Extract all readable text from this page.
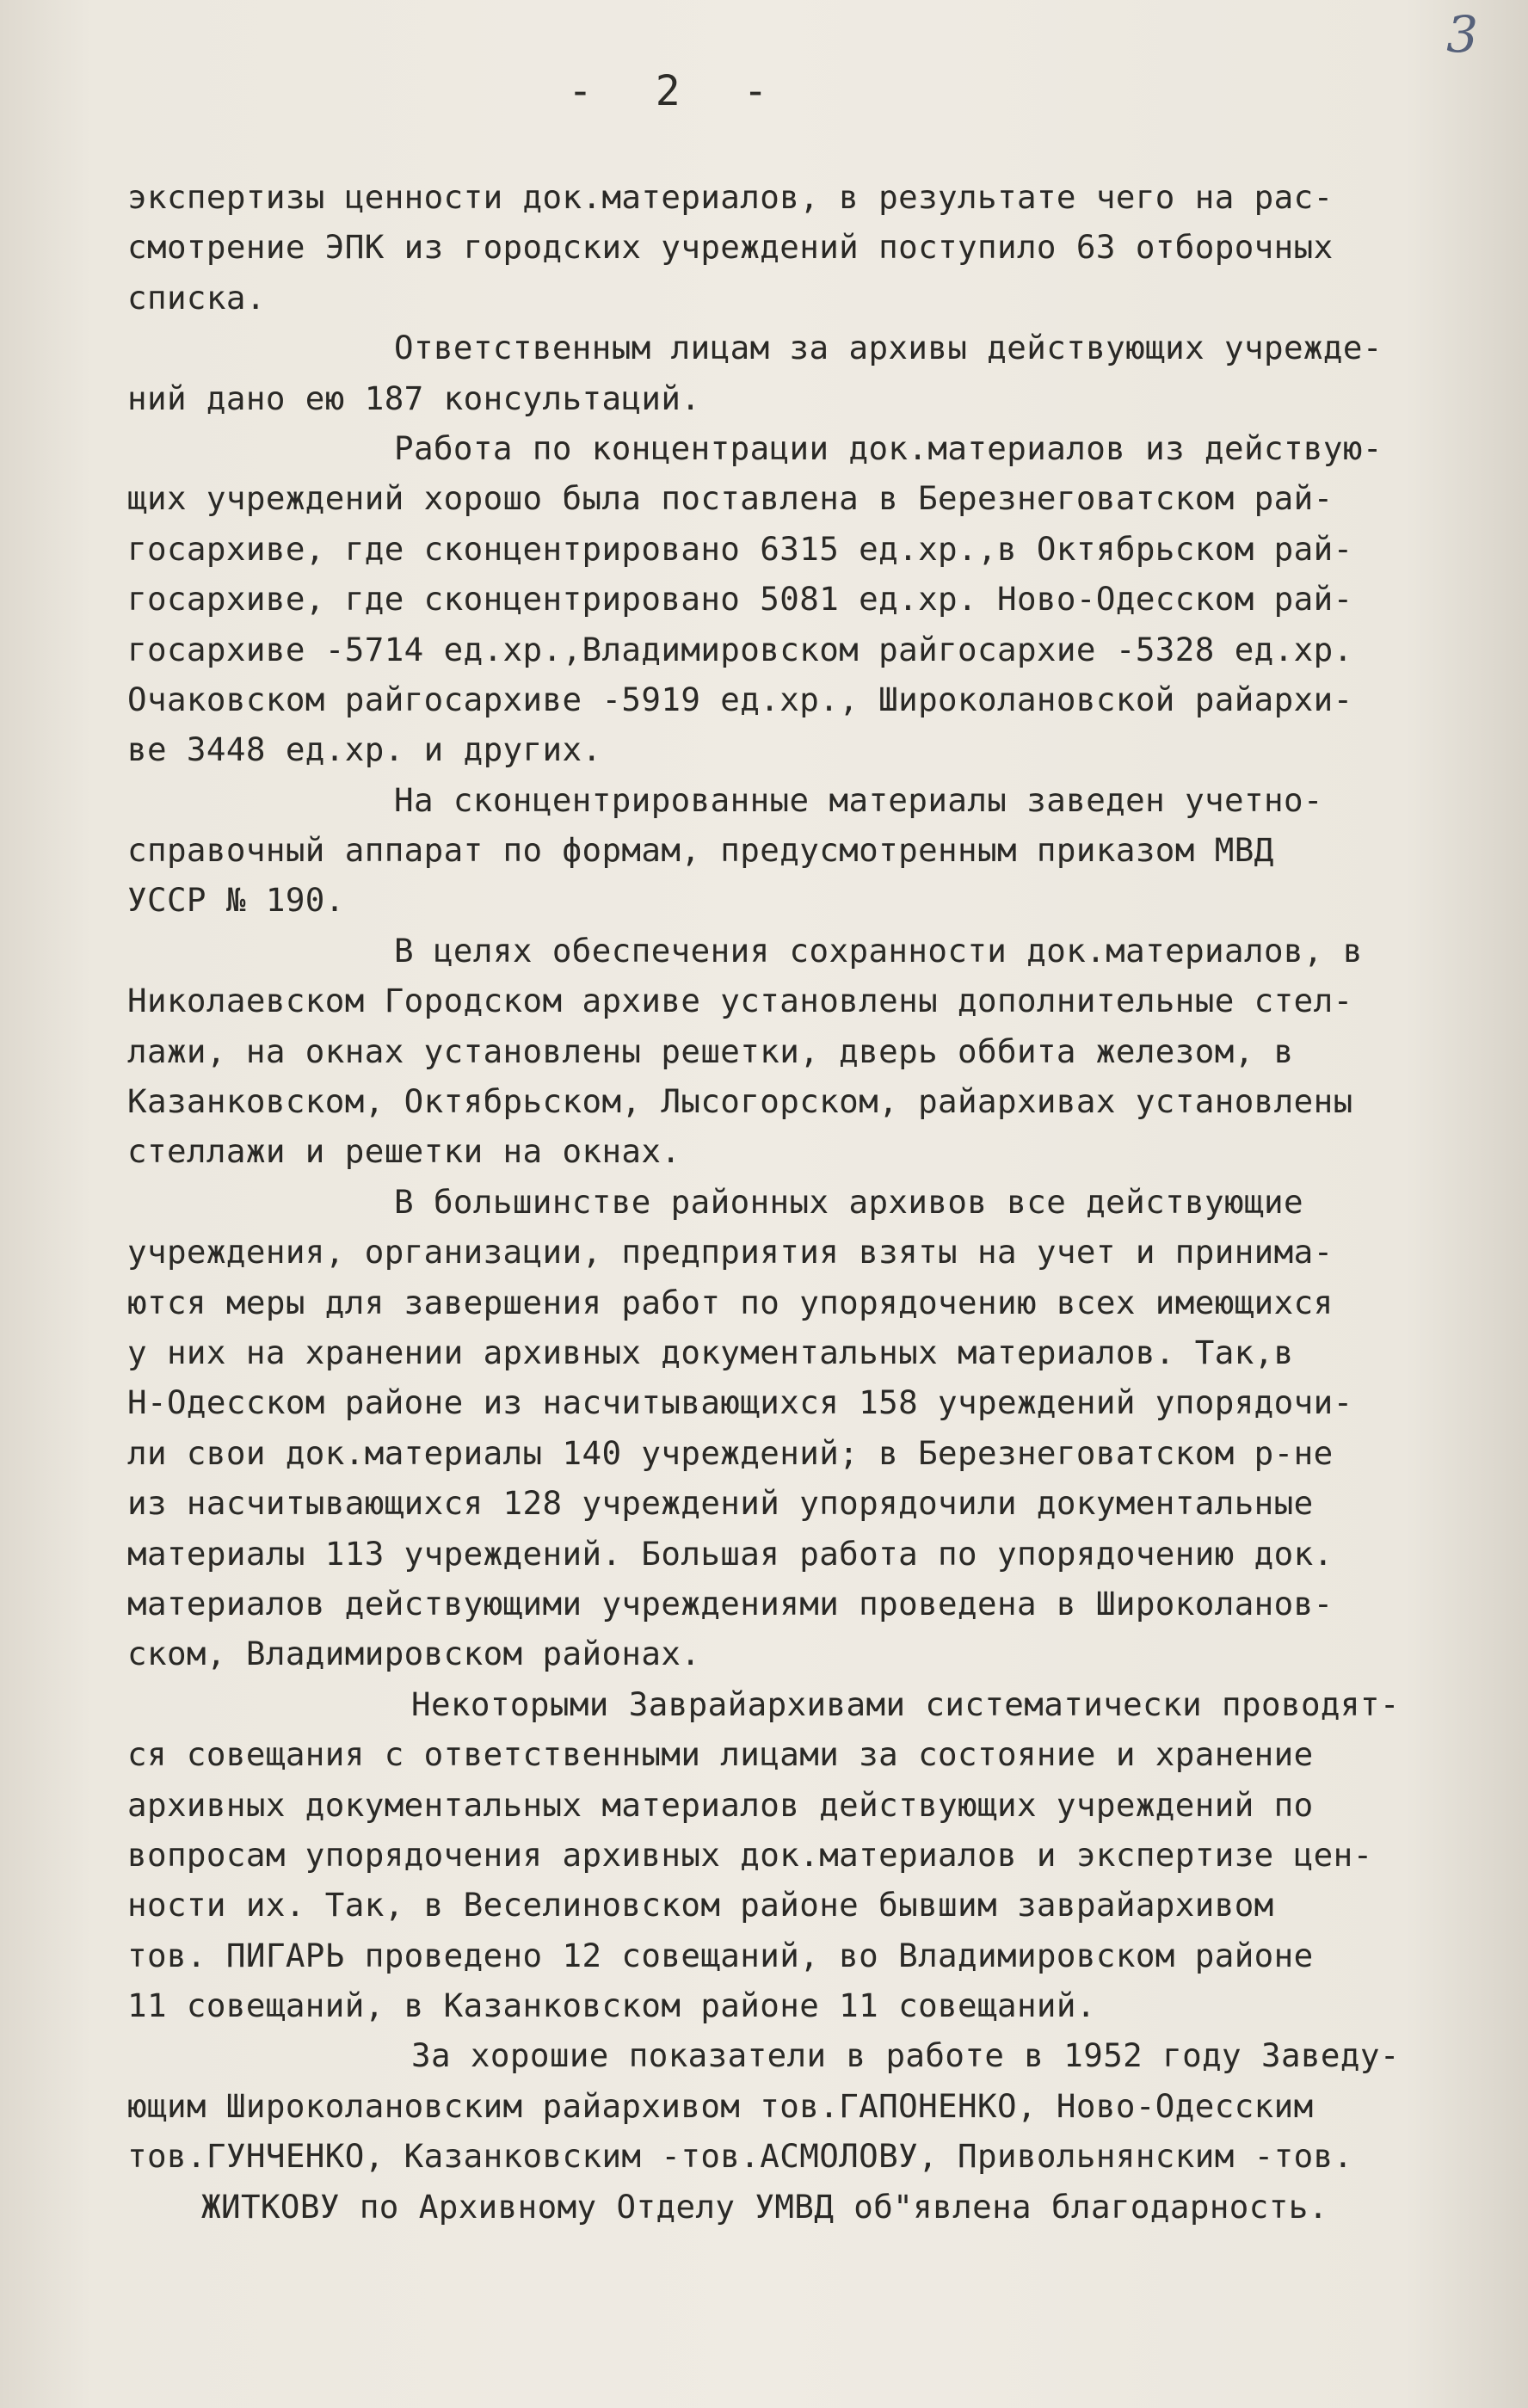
3
- 2 -
экспертизы ценности док.материалов, в результате чего на рас-
смотрение ЭПК из городских учреждений поступило 63 отборочных
списка.
Ответственным лицам за архивы действующих учрежде-
ний дано ею 187 консультаций.
Работа по концентрации док.материалов из действую-
щих учреждений хорошо была поставлена в Березнеговатском рай-
госархиве, где сконцентрировано 6315 ед.хр.,в Октябрьском рай-
госархиве, где сконцентрировано 5081 ед.хр. Ново-Одесском рай-
госархиве -5714 ед.хр.,Владимировском райгосархие -5328 ед.хр.
Очаковском райгосархиве -5919 ед.хр., Широколановской райархи-
ве 3448 ед.хр. и других.
На сконцентрированные материалы заведен учетно-
справочный аппарат по формам, предусмотренным приказом МВД
УССР № 190.
В целях обеспечения сохранности док.материалов, в
Николаевском Городском архиве установлены дополнительные стел-
лажи, на окнах установлены решетки, дверь оббита железом, в
Казанковском, Октябрьском, Лысогорском, райархивах установлены
стеллажи и решетки на окнах.
В большинстве районных архивов все действующие
учреждения, организации, предприятия взяты на учет и принима-
ются меры для завершения работ по упорядочению всех имеющихся
у них на хранении архивных документальных материалов. Так,в
Н-Одесском районе из насчитывающихся 158 учреждений упорядочи-
ли свои док.материалы 140 учреждений; в Березнеговатском р-не
из насчитывающихся 128 учреждений упорядочили документальные
материалы 113 учреждений. Большая работа по упорядочению док.
материалов действующими учреждениями проведена в Широколанов-
ском, Владимировском районах.
Некоторыми Заврайархивами систематически проводят-
ся совещания с ответственными лицами за состояние и хранение
архивных документальных материалов действующих учреждений по
вопросам упорядочения архивных док.материалов и экспертизе цен-
ности их. Так, в Веселиновском районе бывшим заврайархивом
тов. ПИГАРЬ проведено 12 совещаний, во Владимировском районе
11 совещаний, в Казанковском районе 11 совещаний.
За хорошие показатели в работе в 1952 году Заведу-
ющим Широколановским райархивом тов.ГАПОНЕНКО, Ново-Одесским
тов.ГУНЧЕНКО, Казанковским -тов.АСМОЛОВУ, Привольнянским -тов.
ЖИТКОВУ по Архивному Отделу УМВД об"явлена благодарность.
